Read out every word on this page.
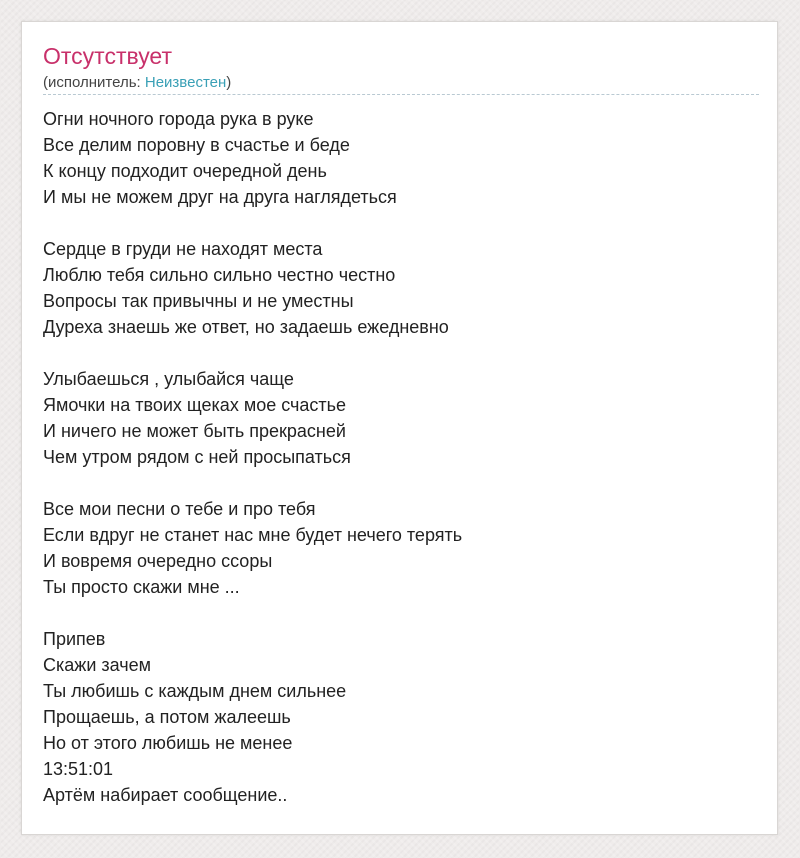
Отсутствует
(исполнитель: Неизвестен)
Огни ночного города рука в руке
Все делим поровну в счастье и беде
К концу подходит очередной день
И мы не можем друг на друга наглядеться
Сердце в груди не находят места
Люблю тебя сильно сильно честно честно
Вопросы так привычны и не уместны
Дуреха знаешь же ответ, но задаешь ежедневно
Улыбаешься , улыбайся чаще
Ямочки на твоих щеках мое счастье
И ничего не может быть прекрасней
Чем утром рядом с ней просыпаться
Все мои песни о тебе и про тебя
Если вдруг не станет нас мне будет нечего терять
И вовремя очередно ссоры
Ты просто скажи мне ...
Припев
Скажи зачем
Ты любишь с каждым днем сильнее
Прощаешь, а потом жалеешь
Но от этого любишь не менее
13:51:01
Артём набирает сообщение..
